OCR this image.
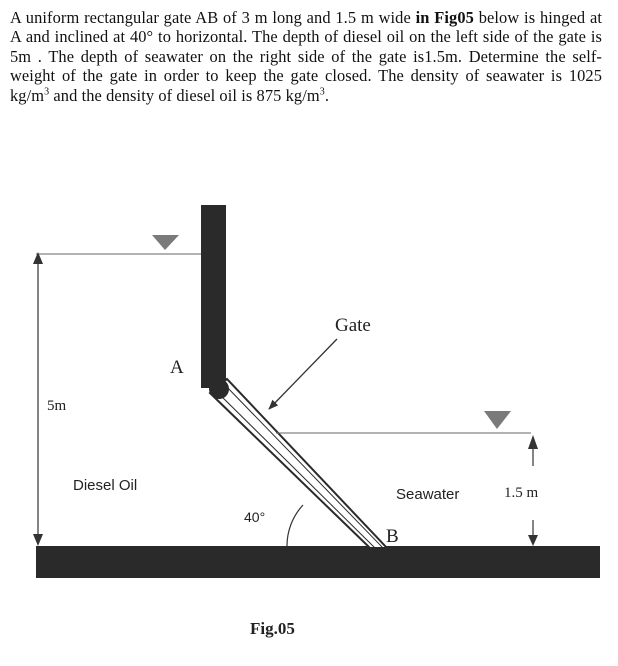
A uniform rectangular gate AB of 3 m long and 1.5 m wide in Fig05 below is hinged at A and inclined at 40° to horizontal. The depth of diesel oil on the left side of the gate is 5m . The depth of seawater on the right side of the gate is1.5m. Determine the self-weight of the gate in order to keep the gate closed. The density of seawater is 1025 $kg/m^3$ and the density of diesel oil is 875 $kg/m^3$.
Gate
A
B
40°
Diesel Oil
Seawater
5m
1.5 m
Fig.05
